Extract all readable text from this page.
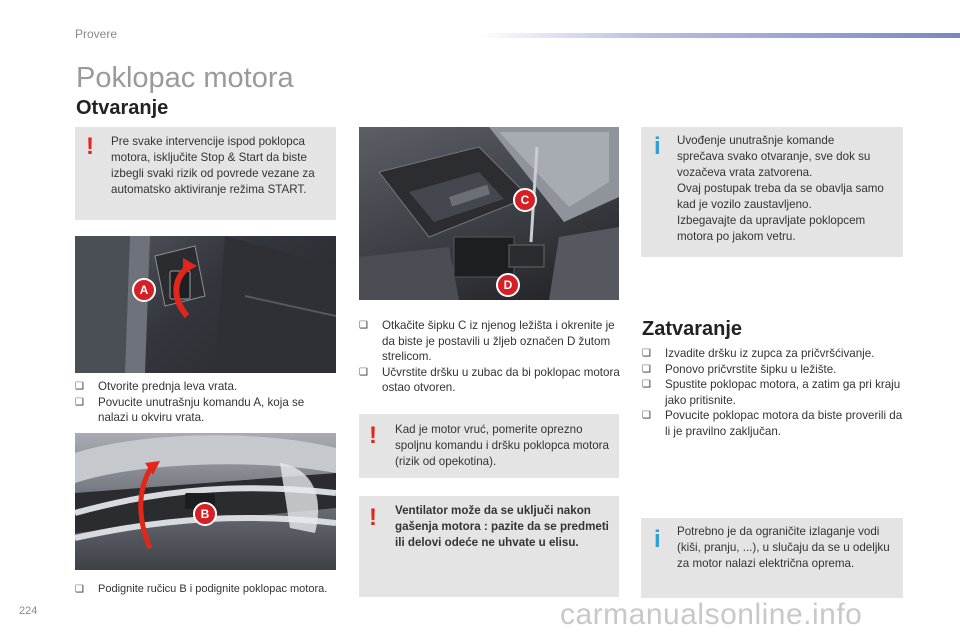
Provere
Poklopac motora
Otvaranje
! Pre svake intervencije ispod poklopca motora, isključite Stop & Start da biste izbegli svaki rizik od povrede vezane za automatsko aktiviranje režima START.
A
❑ Otvorite prednja leva vrata.
❑ Povucite unutrašnju komandu A, koja se nalazi u okviru vrata.
B
❑ Podignite ručicu B i podignite poklopac motora.
C
D
❑ Otkačite šipku C iz njenog ležišta i okrenite je da biste je postavili u žljeb označen D žutom strelicom.
❑ Učvrstite dršku u zubac da bi poklopac motora ostao otvoren.
! Kad je motor vruć, pomerite oprezno spoljnu komandu i dršku poklopca motora (rizik od opekotina).
! Ventilator može da se uključi nakon gašenja motora : pazite da se predmeti ili delovi odeće ne uhvate u elisu.
i Uvođenje unutrašnje komande
sprečava svako otvaranje, sve dok su
vozačeva vrata zatvorena.
Ovaj postupak treba da se obavlja samo
kad je vozilo zaustavljeno.
Izbegavajte da upravljate poklopcem
motora po jakom vetru.
Zatvaranje
❑ Izvadite dršku iz zupca za pričvršćivanje.
❑ Ponovo pričvrstite šipku u ležište.
❑ Spustite poklopac motora, a zatim ga pri kraju jako pritisnite.
❑ Povucite poklopac motora da biste proverili da li je pravilno zaključan.
i Potrebno je da ograničite izlaganje vodi (kiši, pranju, ...), u slučaju da se u odeljku za motor nalazi električna oprema.
224	carmanualsonline.info
